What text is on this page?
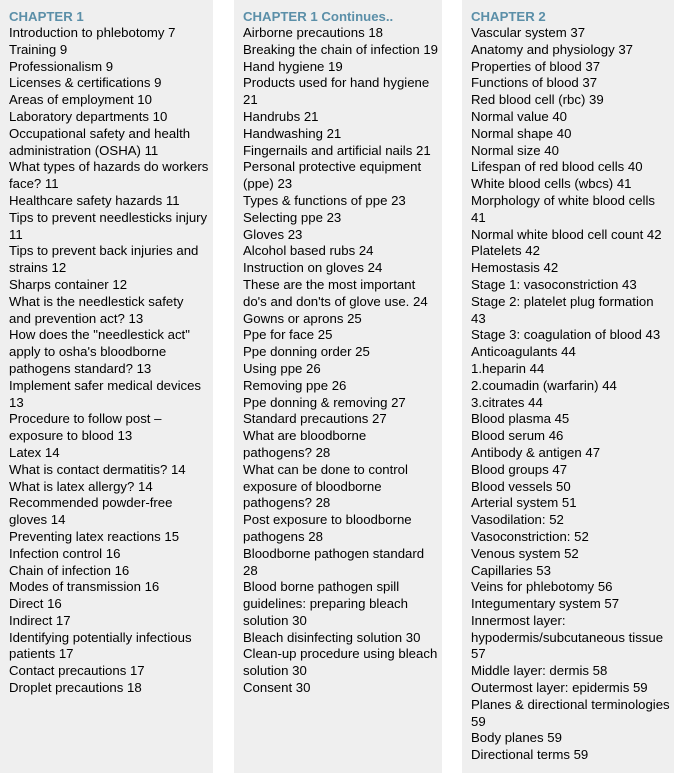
CHAPTER 1
Introduction to phlebotomy 7
Training 9
Professionalism 9
Licenses & certifications 9
Areas of employment 10
Laboratory departments 10
Occupational safety and health administration (OSHA) 11
What types of hazards do workers face? 11
Healthcare safety hazards 11
Tips to prevent needlesticks injury 11
Tips to prevent back injuries and strains 12
Sharps container 12
What is the needlestick safety and prevention act? 13
How does the "needlestick act" apply to osha's bloodborne pathogens standard? 13
Implement safer medical devices 13
Procedure to follow post – exposure to blood 13
Latex 14
What is contact dermatitis? 14
What is latex allergy? 14
Recommended powder-free gloves 14
Preventing latex reactions 15
Infection control 16
Chain of infection 16
Modes of transmission 16
Direct 16
Indirect 17
Identifying potentially infectious patients 17
Contact precautions 17
Droplet precautions 18
CHAPTER 1 Continues..
Airborne precautions 18
Breaking the chain of infection 19
Hand hygiene 19
Products used for hand hygiene 21
Handrubs 21
Handwashing 21
Fingernails and artificial nails 21
Personal protective equipment (ppe) 23
Types & functions of ppe 23
Selecting ppe 23
Gloves 23
Alcohol based rubs 24
Instruction on gloves 24
These are the most important do's and don'ts of glove use. 24
Gowns or aprons 25
Ppe for face 25
Ppe donning order 25
Using ppe 26
Removing ppe 26
Ppe donning & removing 27
Standard precautions 27
What are bloodborne pathogens? 28
What can be done to control exposure of bloodborne pathogens? 28
Post exposure to bloodborne pathogens 28
Bloodborne pathogen standard 28
Blood borne pathogen spill guidelines: preparing bleach solution 30
Bleach disinfecting solution 30
Clean-up procedure using bleach solution 30
Consent 30
CHAPTER 2
Vascular system 37
Anatomy and physiology 37
Properties of blood 37
Functions of blood 37
Red blood cell (rbc) 39
Normal value 40
Normal shape 40
Normal size 40
Lifespan of red blood cells 40
White blood cells (wbcs) 41
Morphology of white blood cells 41
Normal white blood cell count 42
Platelets 42
Hemostasis 42
Stage 1: vasoconstriction 43
Stage 2: platelet plug formation 43
Stage 3: coagulation of blood 43
Anticoagulants 44
1.heparin 44
2.coumadin (warfarin) 44
3.citrates 44
Blood plasma 45
Blood serum 46
Antibody & antigen 47
Blood groups 47
Blood vessels 50
Arterial system 51
Vasodilation: 52
Vasoconstriction: 52
Venous system 52
Capillaries 53
Veins for phlebotomy 56
Integumentary system 57
Innermost layer: hypodermis/subcutaneous tissue 57
Middle layer: dermis 58
Outermost layer: epidermis 59
Planes & directional terminologies 59
Body planes 59
Directional terms 59
